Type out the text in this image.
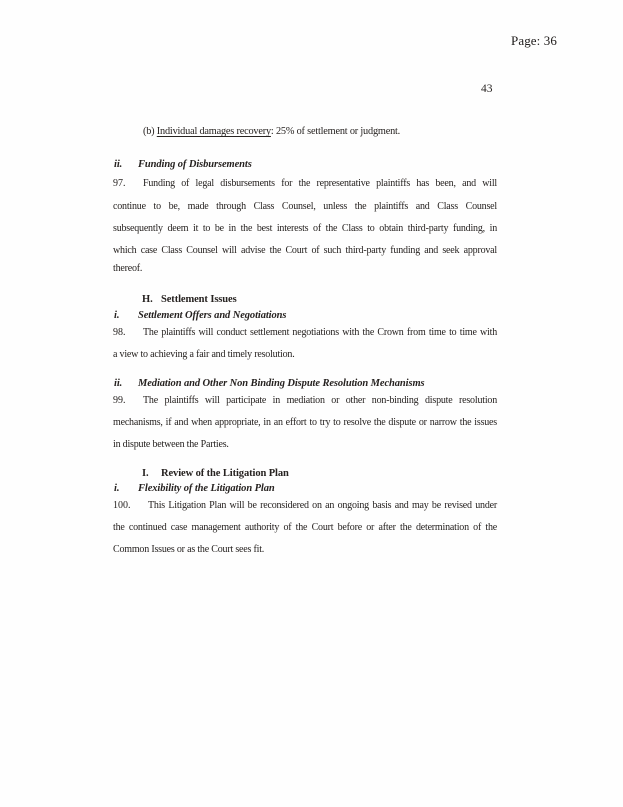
Page: 36
43
(b) Individual damages recovery: 25% of settlement or judgment.
ii. Funding of Disbursements
97. Funding of legal disbursements for the representative plaintiffs has been, and will
continue to be, made through Class Counsel, unless the plaintiffs and Class Counsel
subsequently deem it to be in the best interests of the Class to obtain third-party funding, in
which case Class Counsel will advise the Court of such third-party funding and seek approval
thereof.
H. Settlement Issues
i. Settlement Offers and Negotiations
98. The plaintiffs will conduct settlement negotiations with the Crown from time to time with
a view to achieving a fair and timely resolution.
ii. Mediation and Other Non Binding Dispute Resolution Mechanisms
99. The plaintiffs will participate in mediation or other non-binding dispute resolution
mechanisms, if and when appropriate, in an effort to try to resolve the dispute or narrow the issues
in dispute between the Parties.
I. Review of the Litigation Plan
i. Flexibility of the Litigation Plan
100. This Litigation Plan will be reconsidered on an ongoing basis and may be revised under
the continued case management authority of the Court before or after the determination of the
Common Issues or as the Court sees fit.
